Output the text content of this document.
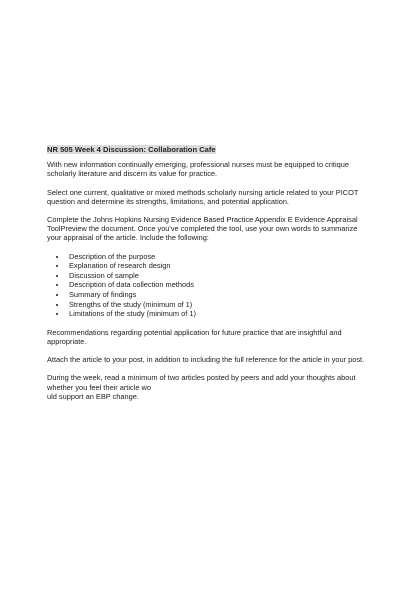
NR 505 Week 4 Discussion: Collaboration Cafe

With new information continually emerging, professional nurses must be equipped to critique scholarly literature and discern its value for practice.

Select one current, qualitative or mixed methods scholarly nursing article related to your PICOT question and determine its strengths, limitations, and potential application.

Complete the Johns Hopkins Nursing Evidence Based Practice Appendix E Evidence Appraisal ToolPreview the document. Once you've completed the tool, use your own words to summarize your appraisal of the article. Include the following:

• Description of the purpose
• Explanation of research design
• Discussion of sample
• Description of data collection methods
• Summary of findings
• Strengths of the study (minimum of 1)
• Limitations of the study (minimum of 1)

Recommendations regarding potential application for future practice that are insightful and appropriate.

Attach the article to your post, in addition to including the full reference for the article in your post.

During the week, read a minimum of two articles posted by peers and add your thoughts about whether you feel their article wo

uld support an EBP change.
